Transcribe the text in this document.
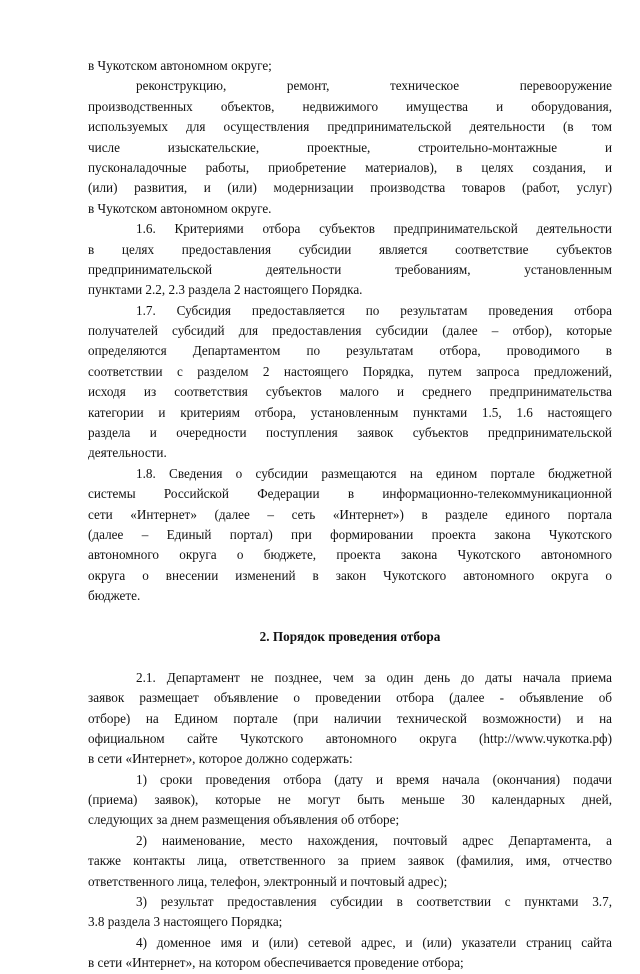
в Чукотском автономном округе;
реконструкцию, ремонт, техническое перевооружение
производственных объектов, недвижимого имущества и оборудования,
используемых для осуществления предпринимательской деятельности (в том
числе изыскательские, проектные, строительно-монтажные и
пусконаладочные работы, приобретение материалов), в целях создания, и
(или) развития, и (или) модернизации производства товаров (работ, услуг)
в Чукотском автономном округе.
1.6. Критериями отбора субъектов предпринимательской деятельности
в целях предоставления субсидии является соответствие субъектов
предпринимательской деятельности требованиям, установленным
пунктами 2.2, 2.3 раздела 2 настоящего Порядка.
1.7. Субсидия предоставляется по результатам проведения отбора
получателей субсидий для предоставления субсидии (далее – отбор), которые
определяются Департаментом по результатам отбора, проводимого в
соответствии с разделом 2 настоящего Порядка, путем запроса предложений,
исходя из соответствия субъектов малого и среднего предпринимательства
категории и критериям отбора, установленным пунктами 1.5, 1.6 настоящего
раздела и очередности поступления заявок субъектов предпринимательской
деятельности.
1.8. Сведения о субсидии размещаются на едином портале бюджетной
системы Российской Федерации в информационно-телекоммуникационной
сети «Интернет» (далее – сеть «Интернет») в разделе единого портала
(далее – Единый портал) при формировании проекта закона Чукотского
автономного округа о бюджете, проекта закона Чукотского автономного
округа о внесении изменений в закон Чукотского автономного округа о
бюджете.

2. Порядок проведения отбора

2.1. Департамент не позднее, чем за один день до даты начала приема
заявок размещает объявление о проведении отбора (далее - объявление об
отборе) на Едином портале (при наличии технической возможности) и на
официальном сайте Чукотского автономного округа (http://www.чукотка.рф)
в сети «Интернет», которое должно содержать:
1) сроки проведения отбора (дату и время начала (окончания) подачи
(приема) заявок), которые не могут быть меньше 30 календарных дней,
следующих за днем размещения объявления об отборе;
2) наименование, место нахождения, почтовый адрес Департамента, а
также контакты лица, ответственного за прием заявок (фамилия, имя, отчество
ответственного лица, телефон, электронный и почтовый адрес);
3) результат предоставления субсидии в соответствии с пунктами 3.7,
3.8 раздела 3 настоящего Порядка;
4) доменное имя и (или) сетевой адрес, и (или) указатели страниц сайта
в сети «Интернет», на котором обеспечивается проведение отбора;
